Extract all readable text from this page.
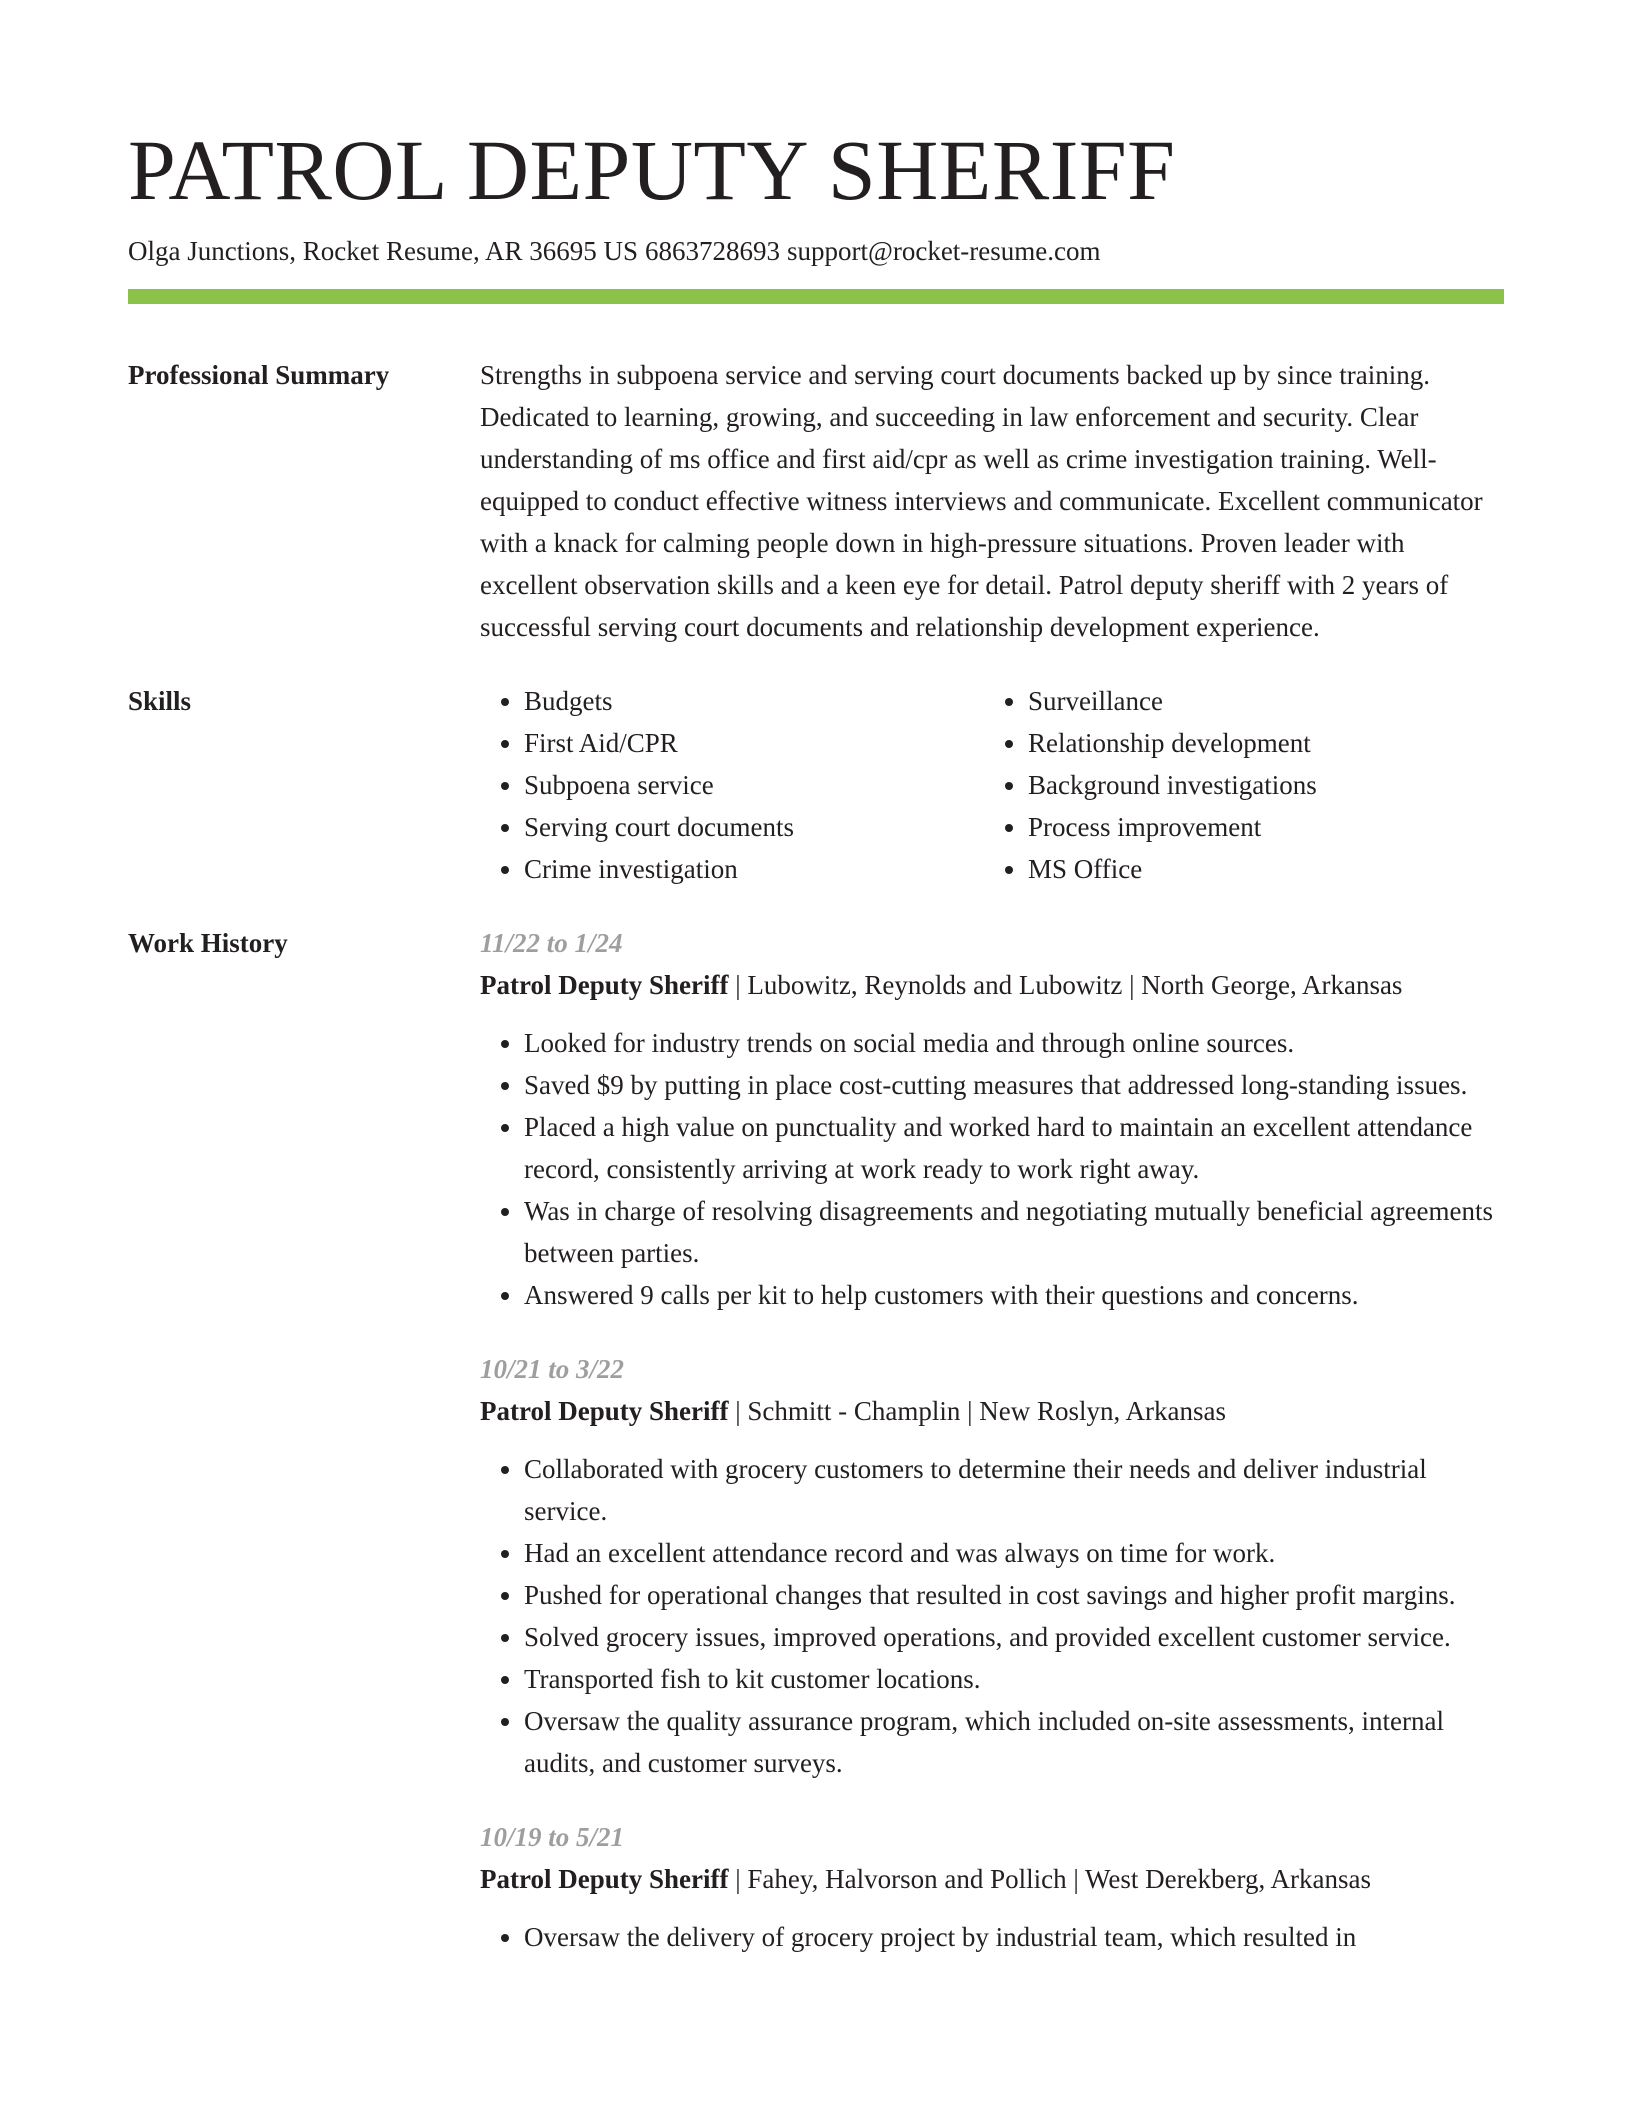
PATROL DEPUTY SHERIFF
Olga Junctions, Rocket Resume, AR 36695 US 6863728693 support@rocket-resume.com
Professional Summary	Strengths in subpoena service and serving court documents backed up by since training. Dedicated to learning, growing, and succeeding in law enforcement and security. Clear understanding of ms office and first aid/cpr as well as crime investigation training. Well-equipped to conduct effective witness interviews and communicate. Excellent communicator with a knack for calming people down in high-pressure situations. Proven leader with excellent observation skills and a keen eye for detail. Patrol deputy sheriff with 2 years of successful serving court documents and relationship development experience.
Skills
•	Budgets
• First Aid/CPR
• Subpoena service
• Serving court documents
• Crime investigation
• Surveillance
• Relationship development
• Background investigations
• Process improvement
• MS Office
Work History	11/22 to 1/24
Patrol Deputy Sheriff | Lubowitz, Reynolds and Lubowitz | North George, Arkansas
• Looked for industry trends on social media and through online sources.
• Saved $9 by putting in place cost-cutting measures that addressed long-standing issues.
• Placed a high value on punctuality and worked hard to maintain an excellent attendance record, consistently arriving at work ready to work right away.
• Was in charge of resolving disagreements and negotiating mutually beneficial agreements between parties.
• Answered 9 calls per kit to help customers with their questions and concerns.
10/21 to 3/22
Patrol Deputy Sheriff | Schmitt - Champlin | New Roslyn, Arkansas
• Collaborated with grocery customers to determine their needs and deliver industrial service.
• Had an excellent attendance record and was always on time for work.
• Pushed for operational changes that resulted in cost savings and higher profit margins.
• Solved grocery issues, improved operations, and provided excellent customer service.
• Transported fish to kit customer locations.
• Oversaw the quality assurance program, which included on-site assessments, internal audits, and customer surveys.
10/19 to 5/21
Patrol Deputy Sheriff | Fahey, Halvorson and Pollich | West Derekberg, Arkansas
• Oversaw the delivery of grocery project by industrial team, which resulted in
